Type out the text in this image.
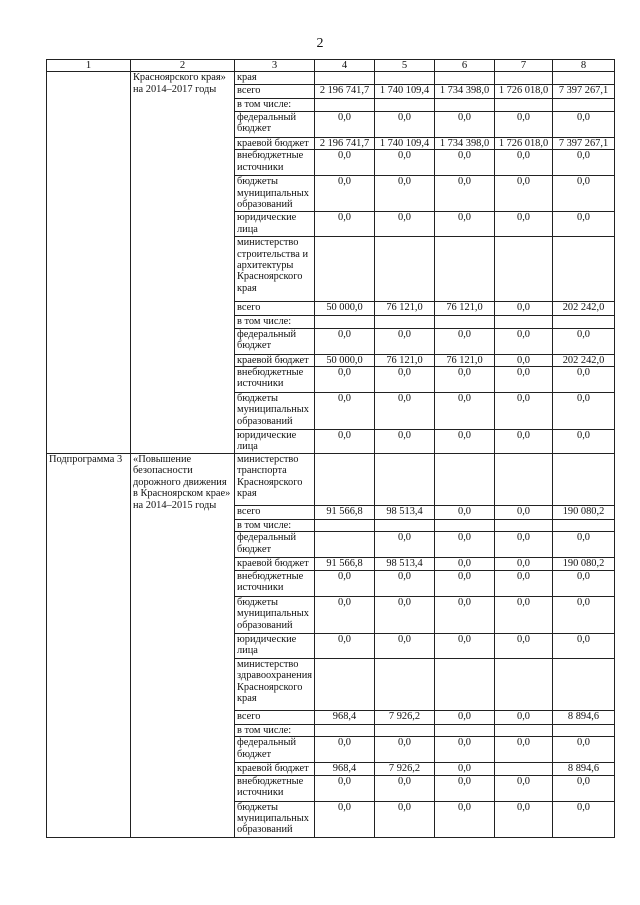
2
1	2	3	4	5	6	7	8
	Красноярского края» на 2014–2017 годы	края					
		всего	2 196 741,7	1 740 109,4	1 734 398,0	1 726 018,0	7 397 267,1
		в том числе:					
		федеральный бюджет	0,0	0,0	0,0	0,0	0,0
		краевой бюджет	2 196 741,7	1 740 109,4	1 734 398,0	1 726 018,0	7 397 267,1
		внебюджетные источники	0,0	0,0	0,0	0,0	0,0
		бюджеты муниципальных образований	0,0	0,0	0,0	0,0	0,0
		юридические лица	0,0	0,0	0,0	0,0	0,0
		министерство строительства и архитектуры Красноярского края					
		всего	50 000,0	76 121,0	76 121,0	0,0	202 242,0
		в том числе:					
		федеральный бюджет	0,0	0,0	0,0	0,0	0,0
		краевой бюджет	50 000,0	76 121,0	76 121,0	0,0	202 242,0
		внебюджетные источники	0,0	0,0	0,0	0,0	0,0
		бюджеты муниципальных образований	0,0	0,0	0,0	0,0	0,0
		юридические лица	0,0	0,0	0,0	0,0	0,0
Подпрограмма 3	«Повышение безопасности дорожного движения в Красноярском крае» на 2014–2015 годы	министерство транспорта Красноярского края					
		всего	91 566,8	98 513,4	0,0	0,0	190 080,2
		в том числе:					
		федеральный бюджет		0,0	0,0	0,0	0,0
		краевой бюджет	91 566,8	98 513,4	0,0	0,0	190 080,2
		внебюджетные источники	0,0	0,0	0,0	0,0	0,0
		бюджеты муниципальных образований	0,0	0,0	0,0	0,0	0,0
		юридические лица	0,0	0,0	0,0	0,0	0,0
		министерство здравоохранения Красноярского края					
		всего	968,4	7 926,2	0,0	0,0	8 894,6
		в том числе:					
		федеральный бюджет	0,0	0,0	0,0	0,0	0,0
		краевой бюджет	968,4	7 926,2	0,0		8 894,6
		внебюджетные источники	0,0	0,0	0,0	0,0	0,0
		бюджеты муниципальных образований	0,0	0,0	0,0	0,0	0,0
